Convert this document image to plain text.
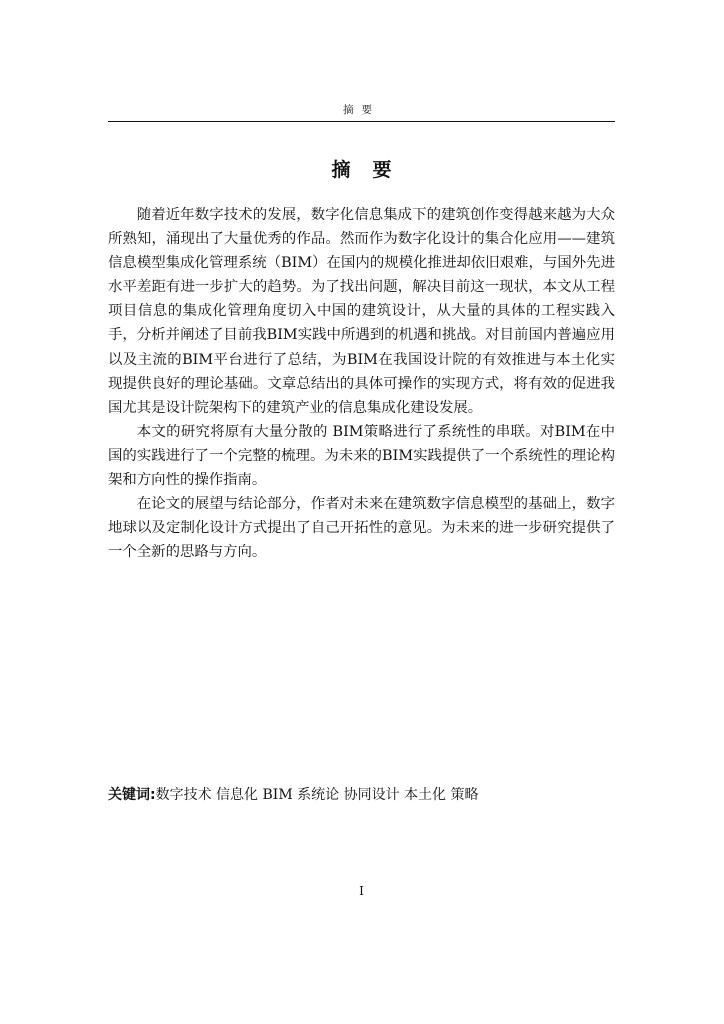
摘要
摘要

随着近年数字技术的发展，数字化信息集成下的建筑创作变得越来越为大众所熟知，涌现出了大量优秀的作品。然而作为数字化设计的集合化应用——建筑信息模型集成化管理系统（BIM）在国内的规模化推进却依旧艰难，与国外先进水平差距有进一步扩大的趋势。为了找出问题，解决目前这一现状，本文从工程项目信息的集成化管理角度切入中国的建筑设计，从大量的具体的工程实践入手，分析并阐述了目前我BIM实践中所遇到的机遇和挑战。对目前国内普遍应用以及主流的BIM平台进行了总结，为BIM在我国设计院的有效推进与本土化实现提供良好的理论基础。文章总结出的具体可操作的实现方式，将有效的促进我国尤其是设计院架构下的建筑产业的信息集成化建设发展。

本文的研究将原有大量分散的 BIM策略进行了系统性的串联。对BIM在中国的实践进行了一个完整的梳理。为未来的BIM实践提供了一个系统性的理论构架和方向性的操作指南。

在论文的展望与结论部分，作者对未来在建筑数字信息模型的基础上，数字地球以及定制化设计方式提出了自己开拓性的意见。为未来的进一步研究提供了一个全新的思路与方向。

关键词:数字技术 信息化 BIM 系统论 协同设计 本土化 策略
I
